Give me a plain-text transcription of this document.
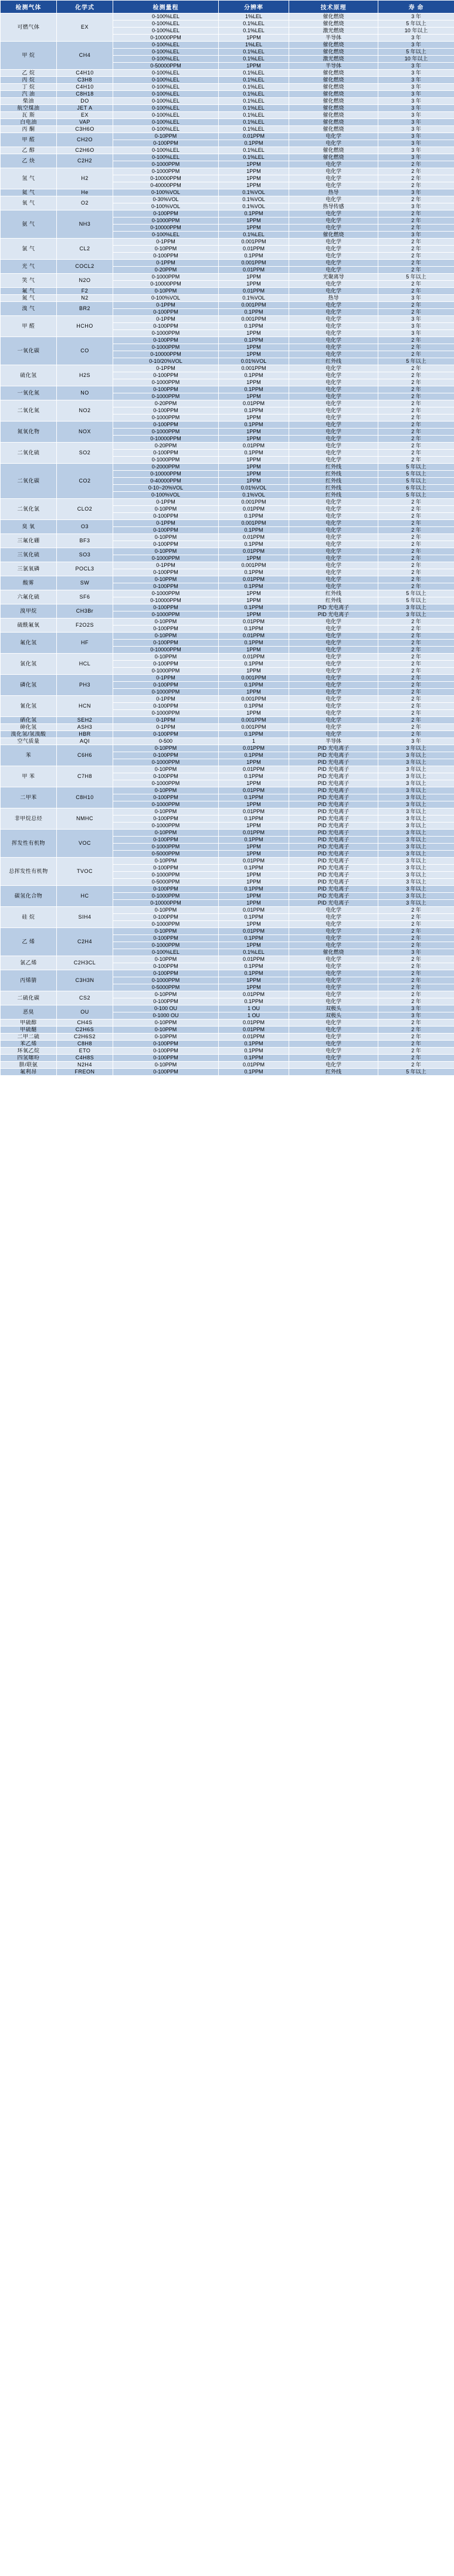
检测气体	化学式	检测量程	分辨率	技术原理	寿 命
可燃气体	EX	0-100%LEL	1%LEL	催化燃烧	3 年
		0-100%LEL	0.1%LEL	催化燃烧	5 年以上
		0-100%LEL	0.1%LEL	激光燃烧	10 年以上
		0-10000PPM	1PPM	半导体	3 年
甲 烷	CH4	0-100%LEL	1%LEL	催化燃烧	3 年
		0-100%LEL	0.1%LEL	催化燃烧	5 年以上
		0-100%LEL	0.1%LEL	激光燃烧	10 年以上
		0-50000PPM	1PPM	半导体	3 年
乙 烷	C4H10	0-100%LEL	0.1%LEL	催化燃烧	3 年
丙 烷	C3H8	0-100%LEL	0.1%LEL	催化燃烧	3 年
丁 烷	C4H10	0-100%LEL	0.1%LEL	催化燃烧	3 年
汽 油	C8H18	0-100%LEL	0.1%LEL	催化燃烧	3 年
柴油	DO	0-100%LEL	0.1%LEL	催化燃烧	3 年
航空煤油	JET A	0-100%LEL	0.1%LEL	催化燃烧	3 年
瓦 斯	EX	0-100%LEL	0.1%LEL	催化燃烧	3 年
白电油	VAP	0-100%LEL	0.1%LEL	催化燃烧	3 年
丙 酮	C3H6O	0-100%LEL	0.1%LEL	催化燃烧	3 年
甲 醛	CH2O	0-10PPM	0.01PPM	电化学	3 年
		0-100PPM	0.1PPM	电化学	3 年
乙 醇	C2H6O	0-100%LEL	0.1%LEL	催化燃烧	3 年
乙 炔	C2H2	0-100%LEL	0.1%LEL	催化燃烧	3 年
		0-1000PPM	1PPM	电化学	2 年
氢 气	H2	0-1000PPM	1PPM	电化学	2 年
		0-10000PPM	1PPM	电化学	2 年
		0-40000PPM	1PPM	电化学	2 年
氦 气	He	0-100%VOL	0.1%VOL	热导	3 年
氧 气	O2	0-30%VOL	0.1%VOL	电化学	2 年
		0-100%VOL	0.1%VOL	热导传感	3 年
氨 气	NH3	0-100PPM	0.1PPM	电化学	2 年
		0-1000PPM	1PPM	电化学	2 年
		0-10000PPM	1PPM	电化学	2 年
		0-100%LEL	0.1%LEL	催化燃烧	3 年
氯 气	CL2	0-1PPM	0.001PPM	电化学	2 年
		0-10PPM	0.01PPM	电化学	2 年
		0-100PPM	0.1PPM	电化学	2 年
光 气	COCL2	0-1PPM	0.001PPM	电化学	2 年
		0-20PPM	0.01PPM	电化学	2 年
笑 气	N2O	0-1000PPM	1PPM	光聚离导	5 年以上
		0-10000PPM	1PPM	电化学	2 年
氟 气	F2	0-10PPM	0.01PPM	电化学	2 年
氮 气	N2	0-100%VOL	0.1%VOL	热导	3 年
溴 气	BR2	0-1PPM	0.001PPM	电化学	2 年
		0-100PPM	0.1PPM	电化学	2 年
甲 醛	HCHO	0-1PPM	0.001PPM	电化学	3 年
		0-100PPM	0.1PPM	电化学	3 年
		0-1000PPM	1PPM	电化学	3 年
一氧化碳	CO	0-100PPM	0.1PPM	电化学	2 年
		0-1000PPM	1PPM	电化学	2 年
		0-10000PPM	1PPM	电化学	2 年
		0-10/20%VOL	0.01%VOL	红外线	5 年以上
硫化氢	H2S	0-1PPM	0.001PPM	电化学	2 年
		0-100PPM	0.1PPM	电化学	2 年
		0-1000PPM	1PPM	电化学	2 年
一氧化氮	NO	0-100PPM	0.1PPM	电化学	2 年
		0-1000PPM	1PPM	电化学	2 年
二氧化氮	NO2	0-20PPM	0.01PPM	电化学	2 年
		0-100PPM	0.1PPM	电化学	2 年
		0-1000PPM	1PPM	电化学	2 年
氮氧化物	NOX	0-100PPM	0.1PPM	电化学	2 年
		0-1000PPM	1PPM	电化学	2 年
		0-10000PPM	1PPM	电化学	2 年
二氧化硫	SO2	0-20PPM	0.01PPM	电化学	2 年
		0-100PPM	0.1PPM	电化学	2 年
		0-1000PPM	1PPM	电化学	2 年
二氧化碳	CO2	0-2000PPM	1PPM	红外线	5 年以上
		0-10000PPM	1PPM	红外线	5 年以上
		0-40000PPM	1PPM	红外线	5 年以上
		0-10~20%VOL	0.01%VOL	红外线	6 年以上
		0-100%VOL	0.1%VOL	红外线	5 年以上
二氧化氯	CLO2	0-1PPM	0.001PPM	电化学	2 年
		0-10PPM	0.01PPM	电化学	2 年
		0-100PPM	0.1PPM	电化学	2 年
臭 氧	O3	0-1PPM	0.001PPM	电化学	2 年
		0-100PPM	0.1PPM	电化学	2 年
三氟化硼	BF3	0-10PPM	0.01PPM	电化学	2 年
		0-100PPM	0.1PPM	电化学	2 年
三氧化硫	SO3	0-10PPM	0.01PPM	电化学	2 年
		0-1000PPM	1PPM	电化学	2 年
三氯氧磷	POCL3	0-1PPM	0.001PPM	电化学	2 年
		0-100PPM	0.1PPM	电化学	2 年
酸雾	SW	0-10PPM	0.01PPM	电化学	2 年
		0-100PPM	0.1PPM	电化学	2 年
六氟化硫	SF6	0-1000PPM	1PPM	红外线	5 年以上
		0-10000PPM	1PPM	红外线	5 年以上
溴甲烷	CH3Br	0-100PPM	0.1PPM	PID 光电离子	3 年以上
		0-1000PPM	1PPM	PID 光电离子	3 年以上
硫酰氟氧	F2O2S	0-10PPM	0.01PPM	电化学	2 年
		0-100PPM	0.1PPM	电化学	2 年
氟化氢	HF	0-10PPM	0.01PPM	电化学	2 年
		0-100PPM	0.1PPM	电化学	2 年
		0-10000PPM	1PPM	电化学	2 年
氯化氢	HCL	0-10PPM	0.01PPM	电化学	2 年
		0-100PPM	0.1PPM	电化学	2 年
		0-1000PPM	1PPM	电化学	2 年
磷化氢	PH3	0-1PPM	0.001PPM	电化学	2 年
		0-100PPM	0.1PPM	电化学	2 年
		0-1000PPM	1PPM	电化学	2 年
氰化氢	HCN	0-1PPM	0.001PPM	电化学	2 年
		0-100PPM	0.1PPM	电化学	2 年
		0-1000PPM	1PPM	电化学	2 年
硒化氢	SEH2	0-1PPM	0.001PPM	电化学	2 年
砷化氢	ASH3	0-1PPM	0.001PPM	电化学	2 年
溴化氢/氢溴酸	HBR	0-100PPM	0.1PPM	电化学	2 年
空气质量	AQI	0-500	1	半导体	3 年
苯	C6H6	0-10PPM	0.01PPM	PID 光电离子	3 年以上
		0-100PPM	0.1PPM	PID 光电离子	3 年以上
		0-1000PPM	1PPM	PID 光电离子	3 年以上
甲 苯	C7H8	0-10PPM	0.01PPM	PID 光电离子	3 年以上
		0-100PPM	0.1PPM	PID 光电离子	3 年以上
		0-1000PPM	1PPM	PID 光电离子	3 年以上
二甲苯	C8H10	0-10PPM	0.01PPM	PID 光电离子	3 年以上
		0-100PPM	0.1PPM	PID 光电离子	3 年以上
		0-1000PPM	1PPM	PID 光电离子	3 年以上
非甲烷总烃	NMHC	0-10PPM	0.01PPM	PID 光电离子	3 年以上
		0-100PPM	0.1PPM	PID 光电离子	3 年以上
		0-1000PPM	1PPM	PID 光电离子	3 年以上
挥发性有机物	VOC	0-10PPM	0.01PPM	PID 光电离子	3 年以上
		0-100PPM	0.1PPM	PID 光电离子	3 年以上
		0-1000PPM	1PPM	PID 光电离子	3 年以上
		0-5000PPM	1PPM	PID 光电离子	3 年以上
总挥发性有机物	TVOC	0-10PPM	0.01PPM	PID 光电离子	3 年以上
		0-100PPM	0.1PPM	PID 光电离子	3 年以上
		0-1000PPM	1PPM	PID 光电离子	3 年以上
		0-5000PPM	1PPM	PID 光电离子	3 年以上
碳氢化合物	HC	0-100PPM	0.1PPM	PID 光电离子	3 年以上
		0-1000PPM	1PPM	PID 光电离子	3 年以上
		0-10000PPM	1PPM	PID 光电离子	3 年以上
硅 烷	SIH4	0-10PPM	0.01PPM	电化学	2 年
		0-100PPM	0.1PPM	电化学	2 年
		0-1000PPM	1PPM	电化学	2 年
乙 烯	C2H4	0-10PPM	0.01PPM	电化学	2 年
		0-100PPM	0.1PPM	电化学	2 年
		0-1000PPM	1PPM	电化学	2 年
		0-100%LEL	0.1%LEL	催化燃烧	3 年
氯乙烯	C2H3CL	0-10PPM	0.01PPM	电化学	2 年
		0-100PPM	0.1PPM	电化学	2 年
丙烯腈	C3H3N	0-100PPM	0.1PPM	电化学	2 年
		0-1000PPM	1PPM	电化学	2 年
		0-5000PPM	1PPM	电化学	2 年
二硫化碳	CS2	0-10PPM	0.01PPM	电化学	2 年
		0-100PPM	0.1PPM	电化学	2 年
恶臭	OU	0-100 OU	1 OU	双极头	3 年
		0-1000 OU	1 OU	双极头	3 年
甲硫醇	CH4S	0-10PPM	0.01PPM	电化学	2 年
甲硫醚	C2H6S	0-10PPM	0.01PPM	电化学	2 年
二甲二硫	C2H6S2	0-10PPM	0.01PPM	电化学	2 年
苯乙烯	C8H8	0-100PPM	0.1PPM	电化学	2 年
环氧乙烷	ETO	0-100PPM	0.1PPM	电化学	2 年
四氢噻吩	C4H8S	0-100PPM	0.1PPM	电化学	2 年
肼/联氨	N2H4	0-10PPM	0.01PPM	电化学	2 年
氟利昂	FREON	0-100PPM	0.1PPM	红外线	5 年以上
